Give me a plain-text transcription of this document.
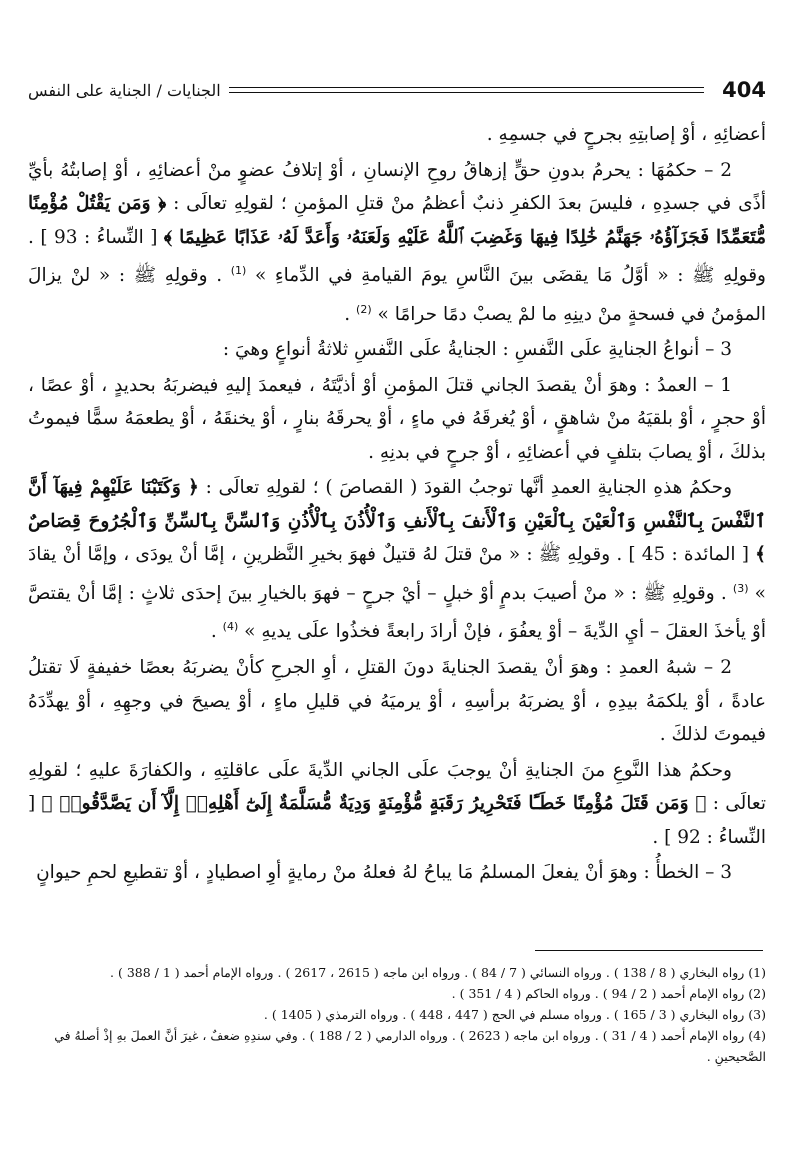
404
الجنايات / الجناية على النفس

أعضائِهِ ، أوْ إصابتِهِ بجرحٍ في جسمِهِ .

2 – حكمُهَا : يحرمُ بدونِ حقٍّ إزهاقُ روحِ الإنسانِ ، أوْ إتلافُ عضوٍ منْ أعضائِهِ ، أوْ إصابتُهُ بأيِّ أذًى في جسدِهِ ، فليسَ بعدَ الكفرِ ذنبٌ أعظمُ منْ قتلِ المؤمنِ ؛ لقولِهِ تعالَى : ﴿ وَمَن يَقْتُلْ مُؤْمِنًا مُّتَعَمِّدًا فَجَزَآؤُهُۥ جَهَنَّمُ خَٰلِدًا فِيهَا وَغَضِبَ ٱللَّهُ عَلَيْهِ وَلَعَنَهُۥ وَأَعَدَّ لَهُۥ عَذَابًا عَظِيمًا ﴾ [ النِّساءُ : 93 ] . وقولِهِ ﷺ : « أوَّلُ مَا يقضَى بينَ النَّاسِ يومَ القيامةِ في الدِّماءِ » $^{(1)}$ . وقولِهِ ﷺ : « لنْ يزالَ المؤمنُ في فسحةٍ منْ دينِهِ ما لمْ يصبْ دمًا حرامًا » $^{(2)}$ .

3 – أنواعُ الجنايةِ علَى النَّفسِ : الجنايةُ علَى النَّفسِ ثلاثةُ أنواعٍ وهيَ :

1 – العمدُ : وهوَ أنْ يقصدَ الجاني قتلَ المؤمنِ أوْ أذيَّتَهُ ، فيعمدَ إليهِ فيضربَهُ بحديدٍ ، أوْ عصًا ، أوْ حجرٍ ، أوْ بلقيَهُ منْ شاهقٍ ، أوْ يُغرقَهُ في ماءٍ ، أوْ يحرقَهُ بنارٍ ، أوْ يخنقَهُ ، أوْ يطعمَهُ سمًّا فيموتُ بذلكَ ، أوْ يصابَ بتلفٍ في أعضائِهِ ، أوْ جرحٍ في بدنِهِ .

وحكمُ هذهِ الجنايةِ العمدِ أنَّها توجبُ القودَ ( القصاصَ ) ؛ لقولِهِ تعالَى : ﴿ وَكَتَبْنَا عَلَيْهِمْ فِيهَآ أَنَّ ٱلنَّفْسَ بِٱلنَّفْسِ وَٱلْعَيْنَ بِٱلْعَيْنِ وَٱلْأَنفَ بِٱلْأَنفِ وَٱلْأُذُنَ بِٱلْأُذُنِ وَٱلسِّنَّ بِٱلسِّنِّ وَٱلْجُرُوحَ قِصَاصٌ ﴾ [ المائدة : 45 ] . وقولِهِ ﷺ : « منْ قتلَ لهُ قتيلٌ فهوَ بخيرِ النَّظرينِ ، إمَّا أنْ يودَى ، وإمَّا أنْ يقادَ » $^{(3)}$ . وقولِهِ ﷺ : « منْ أصيبَ بدمٍ أوْ خبلٍ – أيْ جرحٍ – فهوَ بالخيارِ بينَ إحدَى ثلاثٍ : إمَّا أنْ يقتصَّ أوْ يأخذَ العقلَ – أيِ الدِّيةَ – أوْ يعفُوَ ، فإنْ أرادَ رابعةً فخذُوا علَى يديهِ » $^{(4)}$ .

2 – شبهُ العمدِ : وهوَ أنْ يقصدَ الجنايةَ دونَ القتلِ ، أوِ الجرحِ كأنْ يضربَهُ بعصًا خفيفةٍ لَا تقتلُ عادةً ، أوْ يلكمَهُ بيدِهِ ، أوْ يضربَهُ برأسِهِ ، أوْ يرميَهُ في قليلِ ماءٍ ، أوْ يصيحَ في وجهِهِ ، أوْ يهدِّدَهُ فيموتَ لذلكَ .

وحكمُ هذا النَّوعِ منَ الجنايةِ أنْ يوجبَ علَى الجاني الدِّيةَ علَى عاقلتِهِ ، والكفارَةَ عليهِ ؛ لقولِهِ تعالَى : ﴿ وَمَن قَتَلَ مُؤْمِنًا خَطَـًٔا فَتَحْرِيرُ رَقَبَةٍ مُّؤْمِنَةٍ وَدِيَةٌ مُّسَلَّمَةٌ إِلَىٰٓ أَهْلِهِۦٓ إِلَّآ أَن يَصَّدَّقُوا۟ ﴾ [ النِّساءُ : 92 ] .

3 – الخطأُ : وهوَ أنْ يفعلَ المسلمُ مَا يباحُ لهُ فعلهُ منْ رمايةٍ أوِ اصطيادٍ ، أوْ تقطيعِ لحمِ حيوانٍ

(1) رواه البخاري ( 8 / 138 ) . ورواه النسائي ( 7 / 84 ) . ورواه ابن ماجه ( 2615 ، 2617 ) . ورواه الإمام أحمد ( 1 / 388 ) .

(2) رواه الإمام أحمد ( 2 / 94 ) . ورواه الحاكم ( 4 / 351 ) .

(3) رواه البخاري ( 3 / 165 ) . ورواه مسلم في الحج ( 447 ، 448 ) . ورواه الترمذي ( 1405 ) .

(4) رواه الإمام أحمد ( 4 / 31 ) . ورواه ابن ماجه ( 2623 ) . ورواه الدارمي ( 2 / 188 ) . وفي سندِهِ ضعفٌ ، غيرَ أنَّ العملَ بهِ إذْ أصلهُ في الصَّحيحينِ .
